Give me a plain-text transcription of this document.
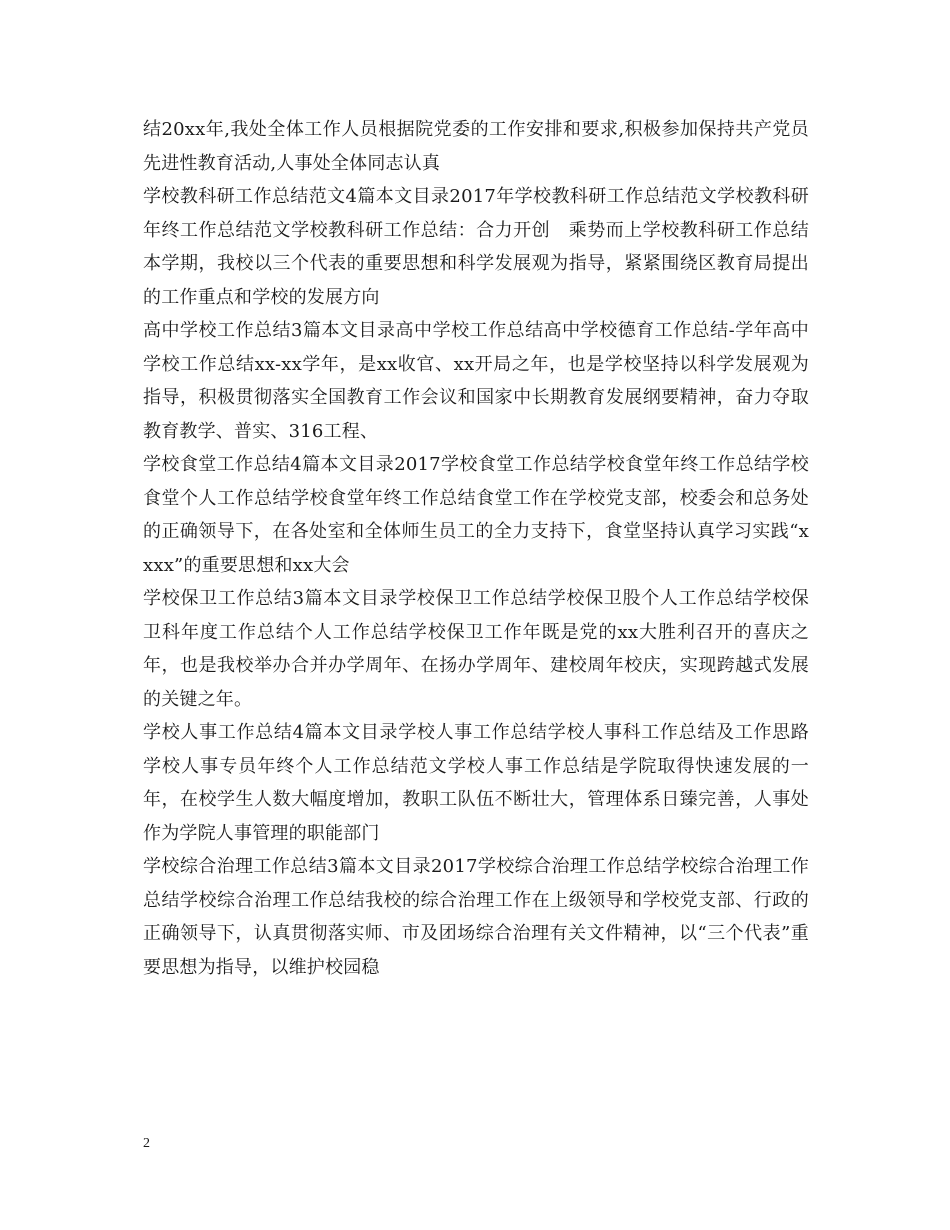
结20xx年,我处全体工作人员根据院党委的工作安排和要求,积极参加保持共产党员先进性教育活动,人事处全体同志认真

学校教科研工作总结范文4篇本文目录2017年学校教科研工作总结范文学校教科研年终工作总结范文学校教科研工作总结：合力开创　乘势而上学校教科研工作总结本学期，我校以三个代表的重要思想和科学发展观为指导，紧紧围绕区教育局提出的工作重点和学校的发展方向

高中学校工作总结3篇本文目录高中学校工作总结高中学校德育工作总结-学年高中学校工作总结xx-xx学年，是xx收官、xx开局之年，也是学校坚持以科学发展观为指导，积极贯彻落实全国教育工作会议和国家中长期教育发展纲要精神，奋力夺取教育教学、普实、316工程、

学校食堂工作总结4篇本文目录2017学校食堂工作总结学校食堂年终工作总结学校食堂个人工作总结学校食堂年终工作总结食堂工作在学校党支部，校委会和总务处的正确领导下，在各处室和全体师生员工的全力支持下，食堂坚持认真学习实践“xxxx”的重要思想和xx大会

学校保卫工作总结3篇本文目录学校保卫工作总结学校保卫股个人工作总结学校保卫科年度工作总结个人工作总结学校保卫工作年既是党的xx大胜利召开的喜庆之年，也是我校举办合并办学周年、在扬办学周年、建校周年校庆，实现跨越式发展的关键之年。

学校人事工作总结4篇本文目录学校人事工作总结学校人事科工作总结及工作思路学校人事专员年终个人工作总结范文学校人事工作总结是学院取得快速发展的一年，在校学生人数大幅度增加，教职工队伍不断壮大，管理体系日臻完善，人事处作为学院人事管理的职能部门

学校综合治理工作总结3篇本文目录2017学校综合治理工作总结学校综合治理工作总结学校综合治理工作总结我校的综合治理工作在上级领导和学校党支部、行政的正确领导下，认真贯彻落实师、市及团场综合治理有关文件精神，以“三个代表”重要思想为指导，以维护校园稳

2
